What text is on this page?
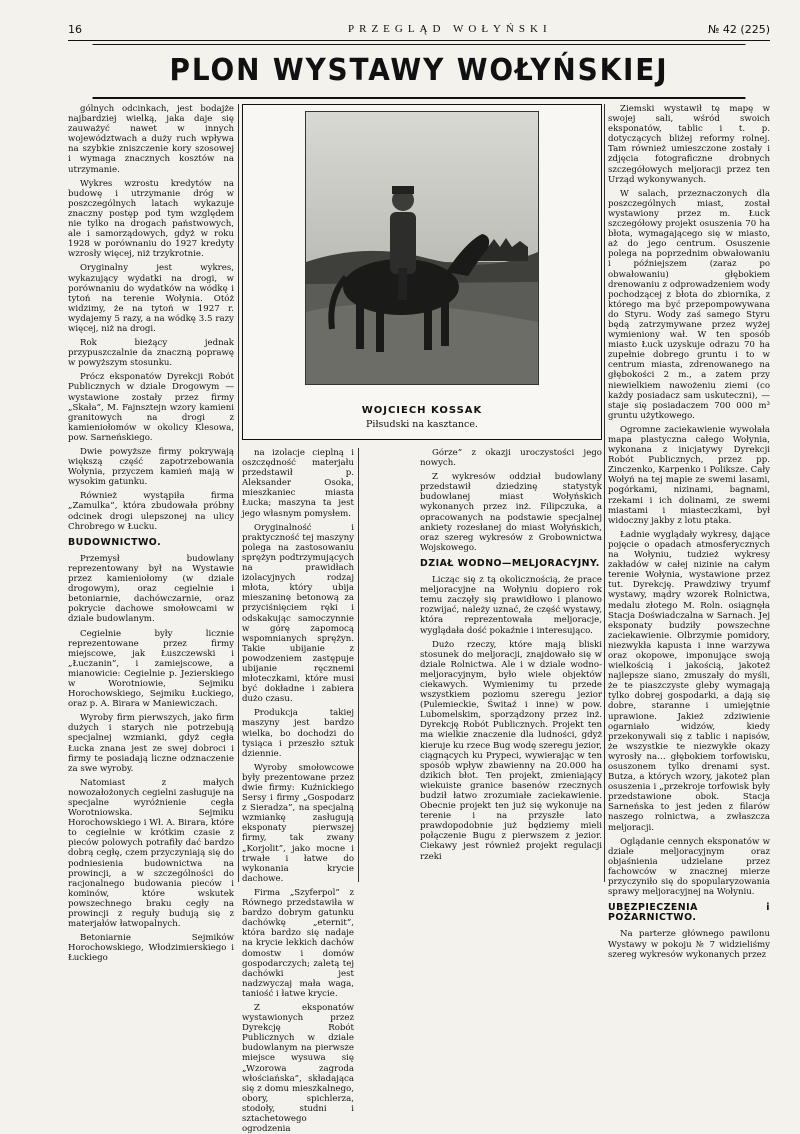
16	PRZEGLĄD WOŁYŃSKI	№ 42 (225)
PLON WYSTAWY WOŁYŃSKIEJ

gólnych odcinkach, jest bodajże najbardziej wielką, jaka daje się zauważyć nawet w innych województwach a duży ruch wpływa na szybkie zniszczenie kory szosowej i wymaga znacznych kosztów na utrzymanie.

Wykres wzrostu kredytów na budowę i utrzymanie dróg w poszczególnych latach wykazuje znaczny postęp pod tym względem nie tylko na drogach państwowych, ale i samorządowych, gdyż w roku 1928 w porównaniu do 1927 kredyty wzrosły więcej, niż trzykrotnie.

Oryginalny jest wykres, wykazujący wydatki na drogi, w porównaniu do wydatków na wódkę i tytoń na terenie Wołynia. Otóż widzimy, że na tytoń w 1927 r. wydajemy 5 razy, a na wódkę 3.5 razy więcej, niż na drogi.

Rok bieżący jednak przypuszczalnie da znaczną poprawę w powyższym stosunku.

Prócz eksponatów Dyrekcji Robót Publicznych w dziale Drogowym — wystawione zostały przez firmy „Skała”, M. Fajnsztejn wzory kamieni granitowych na drogi z kamieniołomów w okolicy Klesowa, pow. Sarneńskiego.

Dwie powyższe firmy pokrywają większą część zapotrzebowania Wołynia, przyczem kamień mają w wysokim gatunku.

Również wystąpiła firma „Zamulka”, która zbudowała próbny odcinek drogi ulepszonej na ulicy Chrobrego w Łucku.

BUDOWNICTWO.

Przemysł budowlany reprezentowany był na Wystawie przez kamieniołomy (w dziale drogowym), oraz cegielnie i betoniarnie, dachówczarnie, oraz pokrycie dachowe smołowcami w dziale budowlanym.

Cegielnie były licznie reprezentowane przez firmy miejscowe, jak Łuszczewski i „Łuczanin”, i zamiejscowe, a mianowicie: Cegielnie p. Jezierskiego w Worotniowie, Sejmiku Horochowskiego, Sejmiku Łuckiego, oraz p. A. Birara w Maniewiczach.

Wyroby firm pierwszych, jako firm dużych i starych nie potrzebują specjalnej wzmianki, gdyż cegła Łucka znana jest ze swej dobroci i firmy te posiadają liczne odznaczenie za swe wyroby.

Natomiast z małych nowozałożonych cegielni zasługuje na specjalne wyróżnienie cegła Worotniowska. Sejmiku Horochowskiego i Wł. A. Birara, które to cegielnie w krótkim czasie z pieców polowych potrafiły dać bardzo dobrą cegłę, czem przyczyniają się do podniesienia budownictwa na prowincji, a w szczególności do racjonalnego budowania pieców i kominów, które wskutek powszechnego braku cegły na prowincji z reguły budują się z materjałów łatwopalnych.

Betoniarnie Sejmików Horochowskiego, Włodzimierskiego i Łuckiego

WOJCIECH KOSSAK
Piłsudski na kasztance.

na izolacje cieplną i oszczędność materjału przedstawił p. Aleksander Osoka, mieszkaniec miasta Łucka; maszyna ta jest jego własnym pomysłem.

Oryginalność i praktyczność tej maszyny polega na zastosowaniu sprężyn podtrzymujących na prawidłach izolacyjnych rodzaj młota, który ubija mieszaninę betonową za przyciśnięciem ręki i odskakując samoczynnie w górę zapomocą wspomnianych sprężyn. Takie ubijanie z powodzeniem zastępuje ubijanie ręcznemi młoteczkami, które musi być dokładne i zabiera dużo czasu.

Produkcja takiej maszyny jest bardzo wielka, bo dochodzi do tysiąca i przeszło sztuk dziennie.

Wyroby smołowcowe były prezentowane przez dwie firmy: Kuźnickiego Sersy i firmy „Gospodarz z Sieradza”, na specjalną wzmiankę zasługują eksponaty pierwszej firmy, tak zwany „Korjolit”, jako mocne i trwałe i łatwe do wykonania krycie dachowe.

Firma „Szyferpol” z Równego przedstawiła w bardzo dobrym gatunku dachówkę „eternit”, która bardzo się nadaje na krycie lekkich dachów domostw i domów gospodarczych; zaletą tej dachówki jest nadzwyczaj mała waga, taniość i łatwe krycie.

Z eksponatów wystawionych przez Dyrekcję Robót Publicznych w dziale budowlanym na pierwsze miejsce wysuwa się „Wzorowa zagroda włościańska”, składająca się z domu mieszkalnego, obory, spichlerza, stodoły, studni i sztachetowego ogrodzenia

Górze” z okazji uroczystości jego nowych.

Z wykresów oddział budowlany przedstawił dziedzinę statystyk budowlanej miast Wołyńskich wykonanych przez inż. Filipczuka, a opracowanych na podstawie specjalnej ankiety rozesłanej do miast Wołyńskich, oraz szereg wykresów z Grobownictwa Wojskowego.

DZIAŁ WODNO—MELJORACYJNY.

Licząc się z tą okolicznością, że prace meljoracyjne na Wołyniu dopiero rok temu zaczęły się prawidłowo i planowo rozwijać, należy uznać, że część wystawy, która reprezentowała meljoracje, wyglądała dość pokaźnie i interesująco.

Dużo rzeczy, które mają bliski stosunek do meljoracji, znajdowało się w dziale Rolnictwa. Ale i w dziale wodno-meljoracyjnym, było wiele objektów ciekawych. Wymienimy tu przede wszystkiem poziomu szeregu jezior (Pulemieckie, Świtaź i inne) w pow. Lubomelskim, sporządzony przez inż. Dyrekcję Robót Publicznych. Projekt ten ma wielkie znaczenie dla ludności, gdyż kieruje ku rzece Bug wodę szeregu jezior, ciągnących ku Prypeci, wywierając w ten sposób wpływ zbawienny na 20.000 ha dzikich błot. Ten projekt, zmieniający wiekuiste granice basenów rzecznych budził łatwo zrozumiałe zaciekawienie. Obecnie projekt ten już się wykonuje na terenie i na przyszłe lato prawdopodobnie już będziemy mieli połączenie Bugu z pierwszem z jezior. Ciekawy jest również projekt regulacji rzeki

Ziemski wystawił tę mapę w swojej sali, wśród swoich eksponatów, tablic i t. p. dotyczących bliżej reformy rolnej. Tam również umieszczone zostały i zdjęcia fotograficzne drobnych szczegółowych meljoracji przez ten Urząd wykonywanych.

W salach, przeznaczonych dla poszczególnych miast, został wystawiony przez m. Łuck szczegółowy projekt osuszenia 70 ha błota, wymagającego się w miasto, aż do jego centrum. Osuszenie polega na poprzednim obwałowaniu i późniejszem (zaraz po obwałowaniu) głębokiem drenowaniu z odprowadzeniem wody pochodzącej z błota do zbiornika, z którego ma być przepompowywana do Styru. Wody zaś samego Styru będą zatrzymywane przez wyżej wymieniony wał. W ten sposób miasto Łuck uzyskuje odrazu 70 ha zupełnie dobrego gruntu i to w centrum miasta, zdrenowanego na głębokości 2 m., a zatem przy niewielkiem nawożeniu ziemi (co każdy posiadacz sam uskuteczni), — staje się posiadaczem 700 000 m³ gruntu użytkowego.

Ogromne zaciekawienie wywołała mapa plastyczna całego Wołynia, wykonana z inicjatywy Dyrekcji Robót Publicznych, przez pp. Zinczenko, Karpenko i Poliksze. Cały Wołyń na tej mapie ze swemi lasami, pogórkami, nizinami, bagnami, rzekami i ich dolinami, ze swemi miastami i miasteczkami, był widoczny jakby z lotu ptaka.

Ładnie wyglądały wykresy, dające pojęcie o opadach atmosferycznych na Wołyniu, tudzież wykresy zakładów w całej nizinie na całym terenie Wołynia, wystawione przez tut. Dyrekcję. Prawdziwy tryumf wystawy, mądry wzorek Rolnictwa, medalu złotego M. Roln. osiągnęła Stacja Doświadczalna w Sarnach. Jej eksponaty budziły powszechne zaciekawienie. Olbrzymie pomidory, niezwykła kapusta i inne warzywa oraz okopowe, imponujące swoją wielkością i jakością, jakoteż najlepsze siano, zmuszały do myśli, że te piaszczyste gleby wymagają tylko dobrej gospodarki, a dają się dobre, staranne i umiejętnie uprawione. Jakież zdziwienie ogarniało widzów, kiedy przekonywali się z tablic i napisów, że wszystkie te niezwykłe okazy wyrosły na… głębokiem torfowisku, osuszonem tylko drenami syst. Butza, a których wzory, jakoteż plan osuszenia i „przekroje torfowisk były przedstawione obok. Stacja Sarneńska to jest jeden z filarów naszego rolnictwa, a zwłaszcza meljoracji.

Oglądanie cennych eksponatów w dziale meljoracyjnym oraz objaśnienia udzielane przez fachowców w znacznej mierze przyczyniło się do spopularyzowania sprawy meljoracyjnej na Wołyniu.

UBEZPIECZENIA i POŻARNICTWO.

Na parterze głównego pawilonu Wystawy w pokoju № 7 widzieliśmy szereg wykresów wykonanych przez
